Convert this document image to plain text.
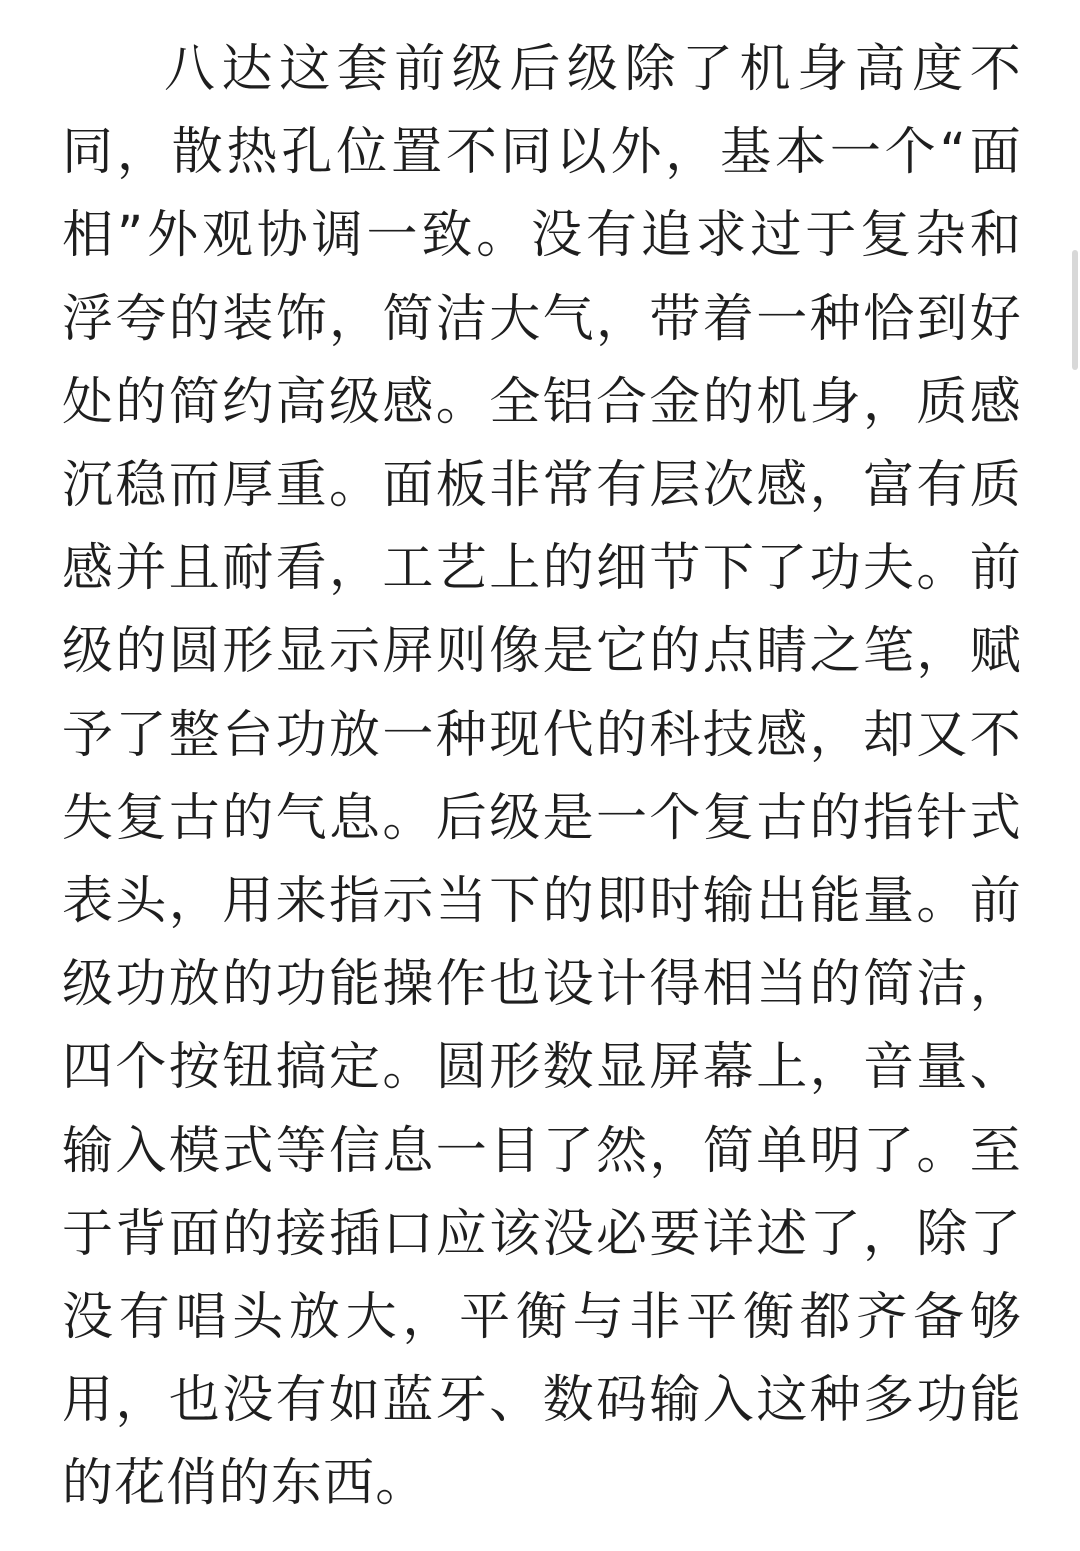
八达这套前级后级除了机身高度不同，散热孔位置不同以外，基本一个“面相”外观协调一致。没有追求过于复杂和浮夸的装饰，简洁大气，带着一种恰到好处的简约高级感。全铝合金的机身，质感沉稳而厚重。面板非常有层次感，富有质感并且耐看，工艺上的细节下了功夫。前级的圆形显示屏则像是它的点睛之笔，赋予了整台功放一种现代的科技感，却又不失复古的气息。后级是一个复古的指针式表头，用来指示当下的即时输出能量。前级功放的功能操作也设计得相当的简洁，四个按钮搞定。圆形数显屏幕上，音量、输入模式等信息一目了然，简单明了。至于背面的接插口应该没必要详述了，除了没有唱头放大，平衡与非平衡都齐备够用，也没有如蓝牙、数码输入这种多功能的花俏的东西。
